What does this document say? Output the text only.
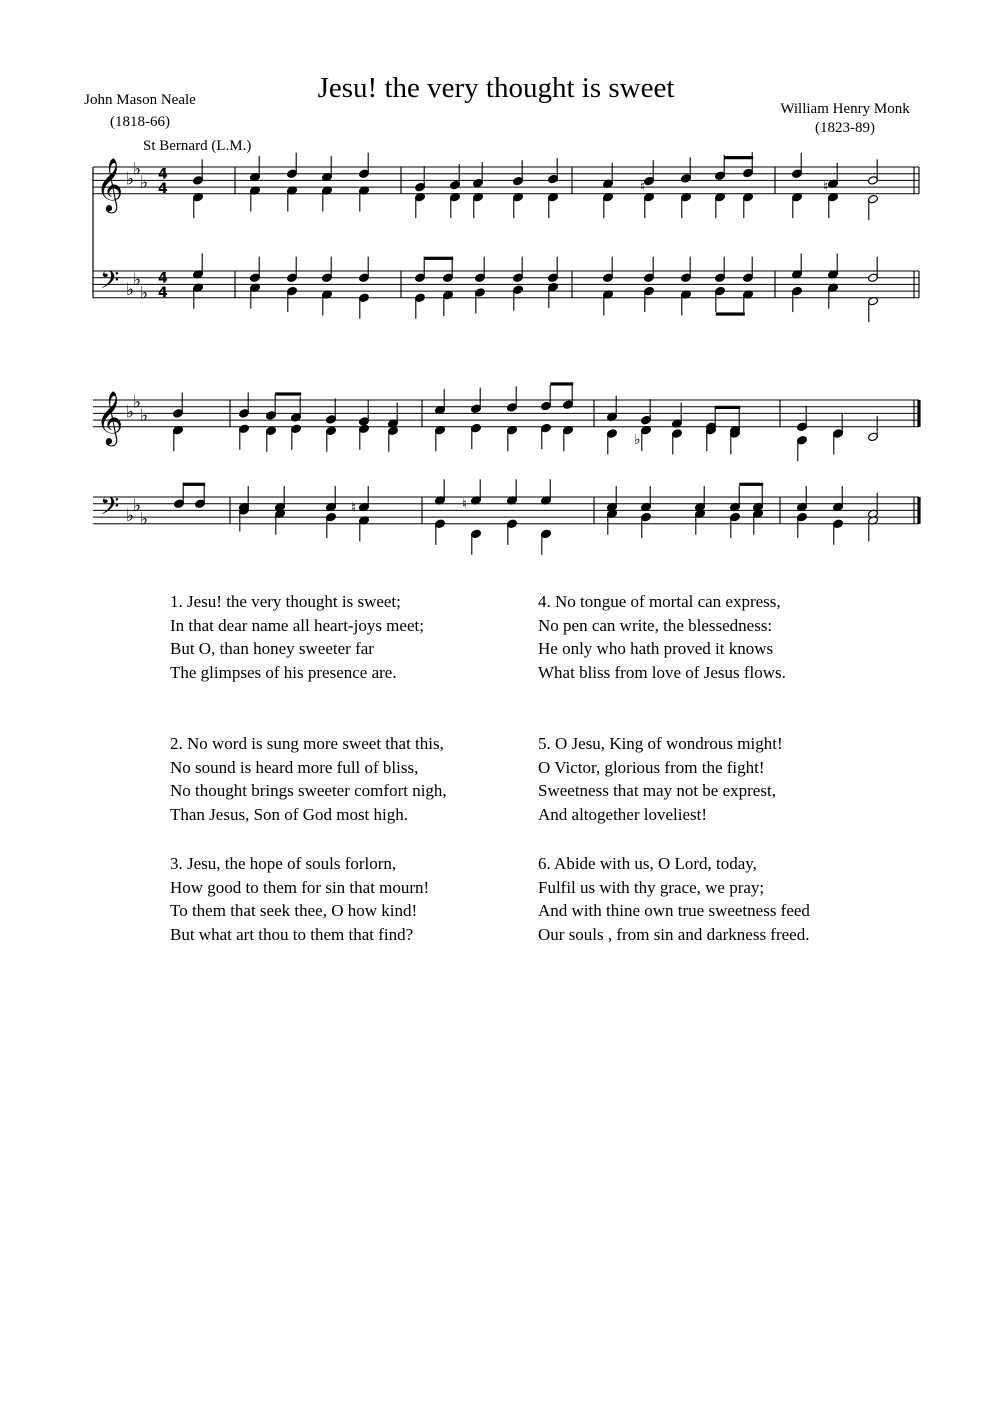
Jesu! the very thought is sweet
John Mason Neale
(1818-66)
William Henry Monk
(1823-89)
St Bernard (L.M.)
𝄞
𝄢
♭
♭
♭
♭
♭
♭
4
4
4
4
♮	♮
𝄞
𝄢
♭
♭
♭
♭
♭
♭
♭
♮	♮
1. Jesu! the very thought is sweet;
In that dear name all heart-joys meet;
But O, than honey sweeter far
The glimpses of his presence are.
2. No word is sung more sweet that this,
No sound is heard more full of bliss,
No thought brings sweeter comfort nigh,
Than Jesus, Son of God most high.
3. Jesu, the hope of souls forlorn,
How good to them for sin that mourn!
To them that seek thee, O how kind!
But what art thou to them that find?
4. No tongue of mortal can express,
No pen can write, the blessedness:
He only who hath proved it knows
What bliss from love of Jesus flows.
5. O Jesu, King of wondrous might!
O Victor, glorious from the fight!
Sweetness that may not be exprest,
And altogether loveliest!
6. Abide with us, O Lord, today,
Fulfil us with thy grace, we pray;
And with thine own true sweetness feed
Our souls , from sin and darkness freed.
